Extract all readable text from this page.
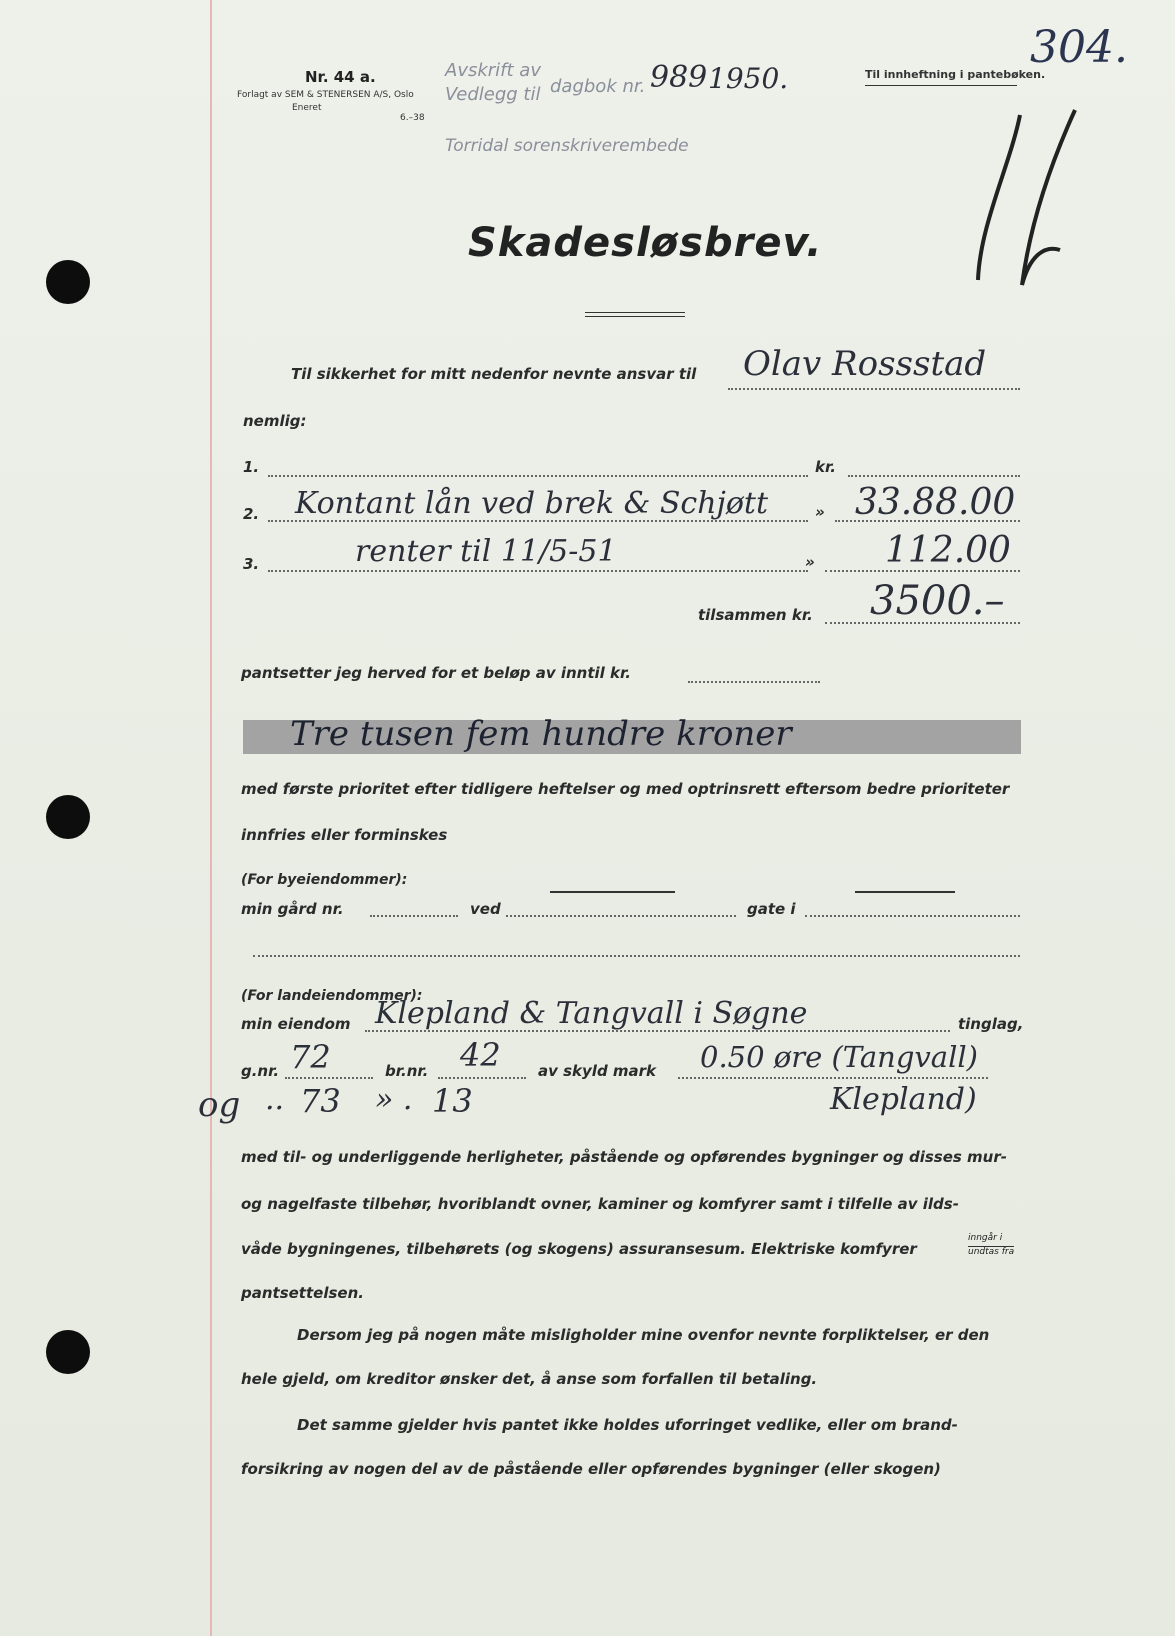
Nr. 44 a.
Forlagt av SEM & STENERSEN A/S, Oslo
Eneret
6.–38
Avskrift av
Vedlegg til dagbok nr. 989 1950.
Torridal sorenskriverembede
Til innheftning i pantebøken.
304.
Skadesløsbrev.
Til sikkerhet for mitt nedenfor nevnte ansvar til Olav Rossstad
nemlig:
1.	kr.
2. Kontant lån ved brek & Schjøtt	» 33.88.00
3.	renter til 11/5-51	» 112.00
tilsammen kr. 3500.–
pantsetter jeg herved for et beløp av inntil kr.
Tre tusen fem hundre kroner
med første prioritet efter tidligere heftelser og med optrinsrett eftersom bedre prioriteter
innfries eller forminskes
(For byeiendommer):
min gård nr.	ved	gate i
(For landeiendommer):
min eiendom Klepland & Tangvall i Søgne	tinglag,
g.nr. 72	br.nr. 42 av skyld mark 0.50 øre (Tangvall)
og .. 73 » . 13	Klepland)
med til- og underliggende herligheter, påstående og opførendes bygninger og disses mur-
og nagelfaste tilbehør, hvoriblandt ovner, kaminer og komfyrer samt i tilfelle av ilds-
våde bygningenes, tilbehørets (og skogens) assuransesum. Elektriske komfyrer
inngår i
undtas fra
pantsettelsen.
Dersom jeg på nogen måte misligholder mine ovenfor nevnte forpliktelser, er den
hele gjeld, om kreditor ønsker det, å anse som forfallen til betaling.
Det samme gjelder hvis pantet ikke holdes uforringet vedlike, eller om brand-
forsikring av nogen del av de påstående eller opførendes bygninger (eller skogen)
